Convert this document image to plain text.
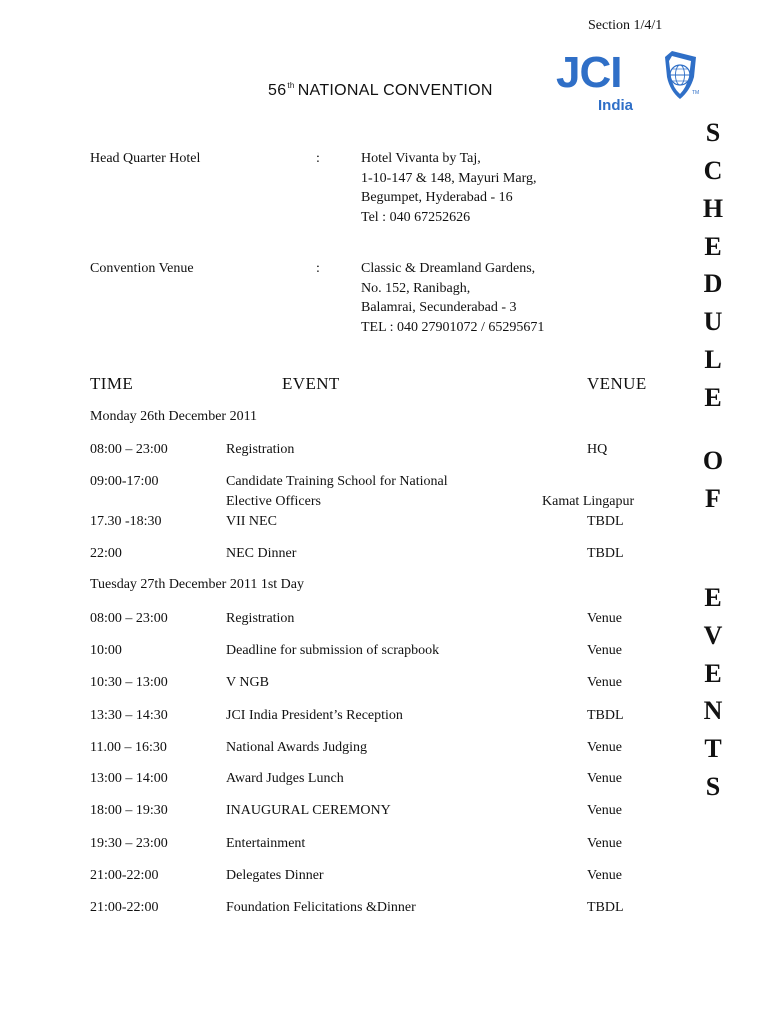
Section 1/4/1
56th NATIONAL CONVENTION JCI
India
TM
Head Quarter Hotel	:	Hotel Vivanta by Taj,
1-10-147 & 148, Mayuri Marg,
Begumpet, Hyderabad - 16
Tel : 040 67252626
Convention Venue	:	Classic & Dreamland Gardens,
No. 152, Ranibagh,
Balamrai, Secunderabad - 3
TEL : 040 27901072 / 65295671
TIME	EVENT	VENUE
Monday 26th December 2011
08:00 – 23:00	Registration	HQ
09:00-17:00	Candidate Training School for National
Elective Officers	Kamat Lingapur
17.30 -18:30	VII NEC	TBDL
22:00	NEC Dinner	TBDL
Tuesday 27th December 2011 1st Day
08:00 – 23:00	Registration	Venue
10:00	Deadline for submission of scrapbook	Venue
10:30 – 13:00	V NGB	Venue
13:30 – 14:30	JCI India President’s Reception	TBDL
11.00 – 16:30	National Awards Judging	Venue
13:00 – 14:00	Award Judges Lunch	Venue
18:00 – 19:30	INAUGURAL CEREMONY	Venue
19:30 – 23:00	Entertainment	Venue
21:00-22:00	Delegates Dinner	Venue
21:00-22:00	Foundation Felicitations &Dinner	TBDL
S
C
H
E
D
U
L
E
O
F
E
V
E
N
T
S
